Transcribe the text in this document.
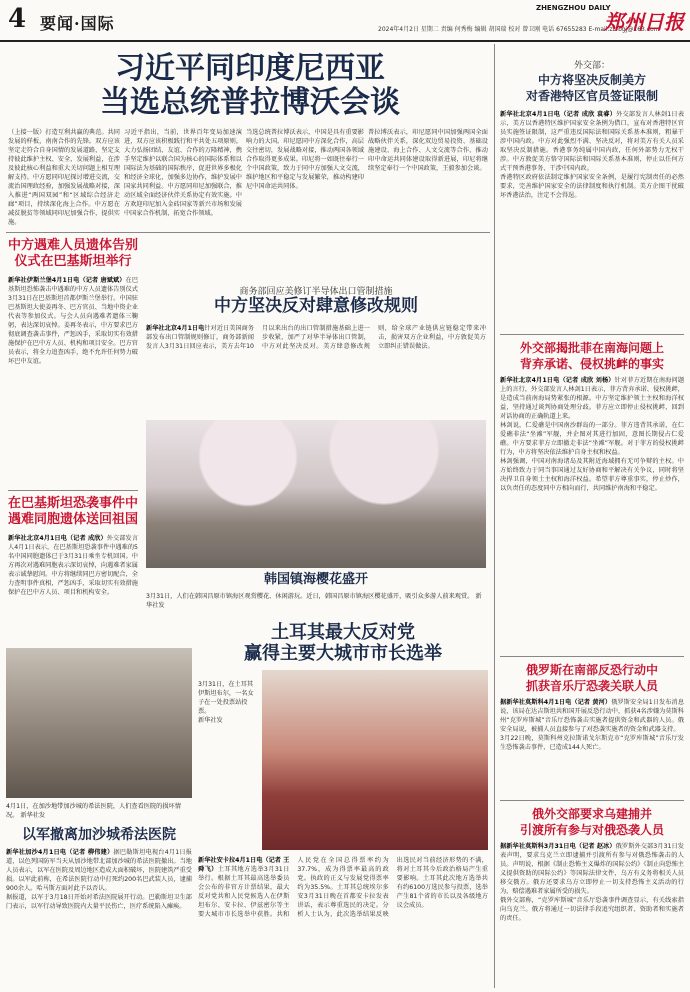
4 要闻·国际	2024年4月2日 星期二 责编 何秀梅 编辑 胡国瑞 校对 曾卫刚 电话 67655283 E-mail:zzrbgj@163.com
ZHENGZHOU DAILY
郑州日报
习近平同印度尼西亚
当选总统普拉博沃会谈
（上接一版）打造互利共赢的典范。共同发展的样板，南南合作的先锋。双方应该坚定走符合自身国情的发展道路，坚定支持彼此维护主权、安全、发展利益，在涉及彼此核心利益和重大关切问题上相互理解支持。中方愿同印尼探讨增进交流，交流治国理政经验，加强发展战略对接，深入推进“两国双园”和“区域综合经济走廊”项目，持续深化海上合作。中方愿在减贫脱贫等领域同印尼加强合作，提供实施。
习近平指出，当前，世界百年变局加速演进，双方应该积极践行和平共处五项原则。大力弘扬团结、友谊、合作的万隆精神，携手坚定维护以联合国为核心的国际体系和以国际法为基础的国际秩序，促进世界多极化和经济全球化，加强多边协作，维护发展中国家共同利益。中方愿同印尼加强联合，推动区域全面经济伙伴关系协定有效实施。中方欢迎印尼加入金砖国家等新兴市场和发展中国家合作机制，拓宽合作领域。
当选总统普拉博沃表示，中国是具有重要影响力的大国。印尼愿同中方深化合作，高层交往密切，发展战略对接，推动两国各领域合作取得更多成果。印尼将一如既往奉行一个中国政策，致力于同中方加强人文交流，维护地区和平稳定与发展繁荣，推动构建印尼中国命运共同体。
普拉博沃表示，印尼愿同中国加强两国全面战略伙伴关系，深化双边贸易投资、基础设施建设、海上合作、人文交流等合作，推动印中命运共同体建设取得新进展，印尼将继续坚定奉行一个中国政策，王毅参加会谈。
中方遇难人员遗体告别
仪式在巴基斯坦举行
新华社伊斯兰堡4月1日电（记者 唐斌斌）在巴基斯坦恐怖袭击中遇难的中方人员遗体告别仪式3月31日在巴基斯坦首都伊斯兰堡举行。中国驻巴基斯坦大使姜再冬、巴方官员、当地中资企业代表等参加仪式。与会人员向遇难者遗体三鞠躬，表达深切哀悼。姜再冬表示，中方要求巴方彻底调查袭击事件，严惩凶手，采取切实有效措施保护在巴中方人员、机构和项目安全。巴方官员表示，将全力追查凶手，绝不允许任何势力破坏巴中友谊。
在巴基斯坦恐袭事件中
遇难同胞遗体送回祖国
新华社北京4月1日电（记者 成欣）外交部发言人4月1日表示，在巴基斯坦恐袭事件中遇难的5名中国同胞遗体已于3月31日乘坐专机回国。中方再次对遇难同胞表示深切哀悼，向遇难者家属表示诚挚慰问。中方将继续同巴方密切配合，全力查明事件真相，严惩凶手，采取切实有效措施保护在巴中方人员、项目和机构安全。
商务部回应美修订半导体出口管制措施
中方坚决反对肆意修改规则
新华社北京4月1日电针对近日美国商务部发布出口管制规则修订，商务部新闻发言人3月31日回应表示，美方去年10月以来出台的出口管制措施基础上进一步收紧，加严了对华半导体出口管制，中方对此坚决反对。美方肆意修改规则，给全球产业链供应链稳定带来冲击，损害双方企业利益，中方敦促美方立即纠正错误做法。
韩国镇海樱花盛开
3月31日，人们在韩国昌原市镇海区观赏樱花、休闲游玩。近日，韩国昌原市镇海区樱花盛开，吸引众多游人前来观赏。 新华社发
4月1日，在加沙地带加沙城的希法医院，人们查看医院的损坏情况。 新华社发
以军撤离加沙城希法医院
新华社加沙4月1日电（记者 柳伟建）据巴勒斯坦电视台4月1日报道，以色列国防军当天从加沙地带北部加沙城的希法医院撤出。当地人员表示，以军在医院及周边地区造成大面积破坏，医院建筑严重受损。以军此前称，在希法医院行动中打死约200名巴武装人员，逮捕900余人。哈马斯方面对此予以否认。
据报道，以军于3月18日开始对希法医院展开行动。巴勒斯坦卫生部门表示，以军行动导致医院内大量平民伤亡，医疗系统陷入瘫痪。
土耳其最大反对党
赢得主要大城市市长选举
3月31日，在土耳其伊斯坦布尔，一名女子在一处投票站投票。
新华社发
新华社安卡拉4月1日电（记者 王舜飞）土耳其地方选举3月31日举行。根据土耳其最高选举委员会公布的非官方计票结果，最大反对党共和人民党候选人在伊斯坦布尔、安卡拉、伊兹密尔等主要大城市市长选举中获胜。共和人民党在全国总得票率约为37.7%，成为得票率最高的政党。执政的正义与发展党得票率约为35.5%。土耳其总统埃尔多安3月31日晚在首都安卡拉发表讲话，表示尊重选民的决定。分析人士认为，此次选举结果反映出选民对当前经济形势的不满，将对土耳其今后政治格局产生重要影响。土耳其此次地方选举共有约6100万选民参与投票，选举产生81个省的市长以及各级地方议会成员。
外交部：
中方将坚决反制美方
对香港特区官员签证限制
新华社北京4月1日电（记者 成欣 袁睿）外交部发言人林剑1日表示，美方以香港特区维护国家安全条例为借口，宣布对香港特区官员实施签证限制，这严重违反国际法和国际关系基本准则，粗暴干涉中国内政。中方对此强烈不满、坚决反对，将对美方有关人员采取坚决反制措施。香港事务纯属中国内政，任何外部势力无权干涉。中方敦促美方恪守国际法和国际关系基本准则，停止以任何方式干预香港事务、干涉中国内政。
香港特区政府依法制定维护国家安全条例，是履行宪制责任的必然要求，完善维护国家安全的法律制度和执行机制。美方企图干扰破坏香港法治，注定不会得逞。
外交部揭批菲在南海问题上
背弃承诺、侵权挑衅的事实
新华社北京4月1日电（记者 成欣 刘杨）针对菲方近期在南海问题上的言行，外交部发言人林剑1日表示，菲方背弃承诺、侵权挑衅，是造成当前南海局势紧张的根源。中方坚定维护领土主权和海洋权益，坚持通过谈判协商处理分歧。菲方应立即停止侵权挑衅，回到对话协商的正确轨道上来。
林剑说，仁爱礁是中国南沙群岛的一部分。菲方违背其承诺，在仁爱礁非法“坐滩”军舰，并企图对其进行加固，意图长期侵占仁爱礁。中方要求菲方立即撤走非法“坐滩”军舰。对于菲方的侵权挑衅行为，中方将坚决依法维护自身主权和权益。
林剑强调，中国对南海诸岛及其附近海域拥有无可争辩的主权。中方始终致力于同当事国通过友好协商和平解决有关争议，同时将坚决捍卫自身领土主权和海洋权益。希望菲方尊重事实，停止炒作，以负责任的态度同中方相向而行，共同维护南海和平稳定。
俄罗斯在南部反恐行动中
抓获音乐厅恐袭关联人员
据新华社莫斯科4月1日电（记者 黄河）俄罗斯安全局1日发布消息说，该局在达吉斯坦共和国开展反恐行动中，抓获4名涉嫌为莫斯科州“克罗库斯城”音乐厅恐怖袭击实施者提供资金和武器的人员。俄安全局说，被捕人员直接参与了对恐袭实施者的资金和武器支持。
3月22日晚，莫斯科州克拉斯诺戈尔斯克市“克罗库斯城”音乐厅发生恐怖袭击事件，已造成144人死亡。
俄外交部要求乌建捕并
引渡所有参与对俄恐袭人员
据新华社莫斯科3月31日电（记者 赵冰）俄罗斯外交部3月31日发表声明，要求乌克兰立即逮捕并引渡所有参与对俄恐怖袭击的人员。声明说，根据《制止恐怖主义爆炸的国际公约》《制止向恐怖主义提供资助的国际公约》等国际法律文件，乌方有义务将相关人员移交俄方。俄方还要求乌方立即停止一切支持恐怖主义活动的行为，赔偿遇难者家属所受的损失。
俄外交部称，“克罗库斯城”音乐厅恐袭事件调查显示，有关线索指向乌克兰。俄方将通过一切法律手段追究组织者、资助者和实施者的责任。
